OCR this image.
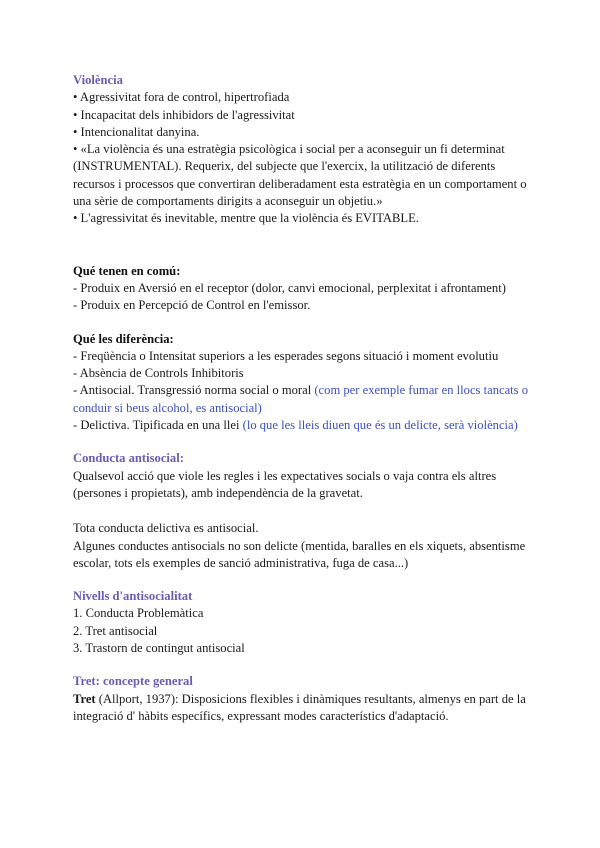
Violència

• Agressivitat fora de control, hipertrofiada

• Incapacitat dels inhibidors de l'agressivitat

• Intencionalitat danyina.

• «La violència és una estratègia psicològica i social per a aconseguir un fi determinat (INSTRUMENTAL). Requerix, del subjecte que l'exercix, la utilització de diferents recursos i processos que convertiran deliberadament esta estratègia en un comportament o una sèrie de comportaments dirigits a aconseguir un objetiu.»

• L'agressivitat és inevitable, mentre que la violència és EVITABLE.

Qué tenen en comú:

- Produix en Aversió en el receptor (dolor, canvi emocional, perplexitat i afrontament)

- Produix en Percepció de Control en l'emissor.

Qué les diferència:

- Freqüència o Intensitat superiors a les esperades segons situació i moment evolutiu

- Absència de Controls Inhibitoris

- Antisocial. Transgressió norma social o moral (com per exemple fumar en llocs tancats o conduir si beus alcohol, es antisocial)

- Delictiva. Tipificada en una llei (lo que les lleis diuen que és un delicte, serà violència)

Conducta antisocial:

Qualsevol acció que viole les regles i les expectatives socials o vaja contra els altres (persones i propietats), amb independència de la gravetat.

Tota conducta delictiva es antisocial.

Algunes conductes antisocials no son delicte (mentida, baralles en els xiquets, absentisme escolar, tots els exemples de sanció administrativa, fuga de casa...)

Nivells d'antisocialitat

1. Conducta Problemàtica

2. Tret antisocial

3. Trastorn de contingut antisocial

Tret: concepte general

Tret (Allport, 1937): Disposicions flexibles i dinàmiques resultants, almenys en part de la integració d' hàbits específics, expressant modes característics d'adaptació.
